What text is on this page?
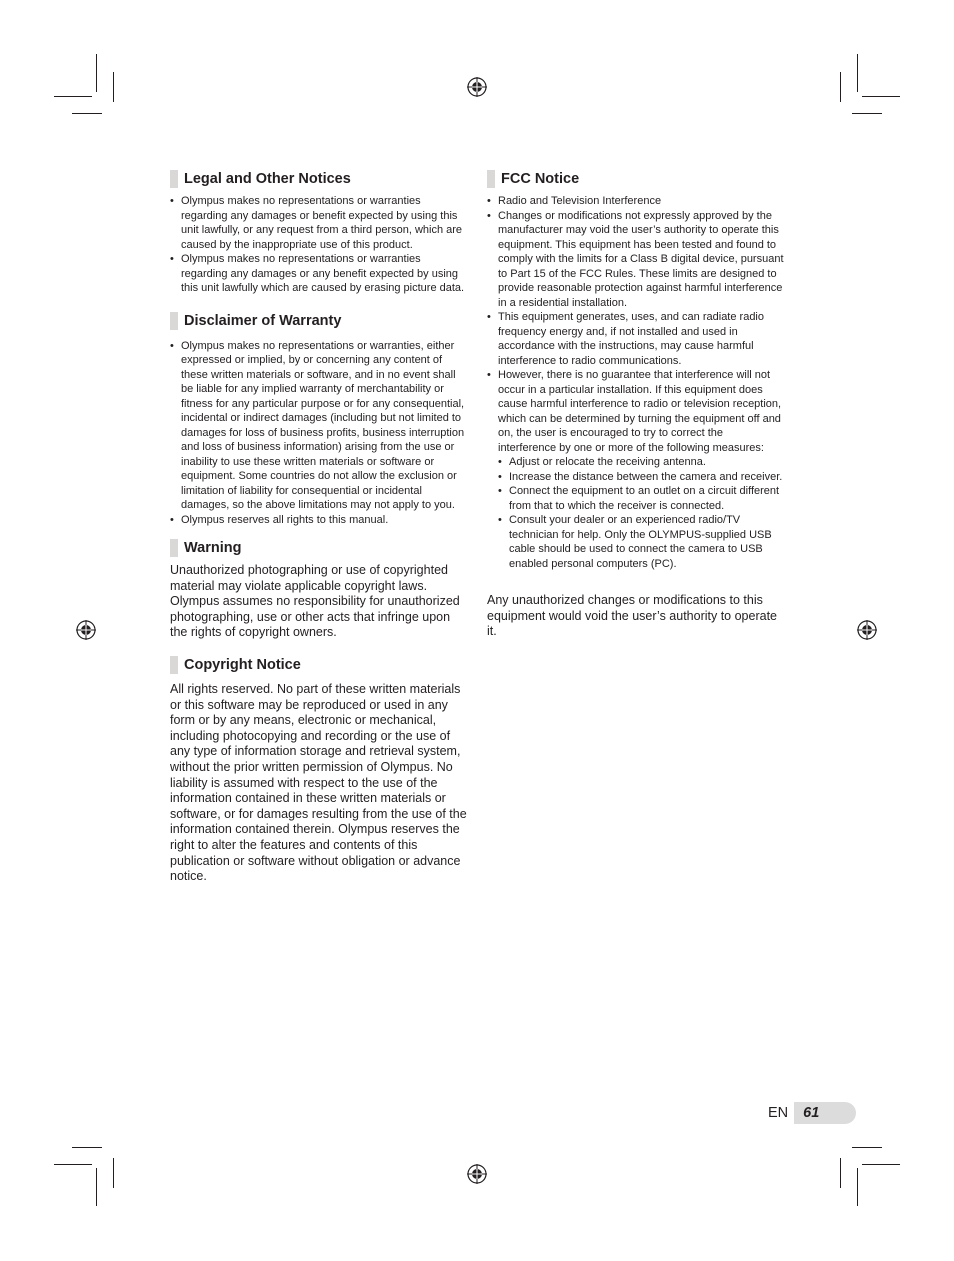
Legal and Other Notices
• Olympus makes no representations or warranties regarding any damages or benefit expected by using this unit lawfully, or any request from a third person, which are caused by the inappropriate use of this product.
• Olympus makes no representations or warranties regarding any damages or any benefit expected by using this unit lawfully which are caused by erasing picture data.
Disclaimer of Warranty
• Olympus makes no representations or warranties, either expressed or implied, by or concerning any content of these written materials or software, and in no event shall be liable for any implied warranty of merchantability or fitness for any particular purpose or for any consequential, incidental or indirect damages (including but not limited to damages for loss of business profits, business interruption and loss of business information) arising from the use or inability to use these written materials or software or equipment. Some countries do not allow the exclusion or limitation of liability for consequential or incidental damages, so the above limitations may not apply to you.
• Olympus reserves all rights to this manual.
Warning

Unauthorized photographing or use of copyrighted material may violate applicable copyright laws. Olympus assumes no responsibility for unauthorized photographing, use or other acts that infringe upon the rights of copyright owners.

Copyright Notice

All rights reserved. No part of these written materials or this software may be reproduced or used in any form or by any means, electronic or mechanical, including photocopying and recording or the use of any type of information storage and retrieval system, without the prior written permission of Olympus. No liability is assumed with respect to the use of the information contained in these written materials or software, or for damages resulting from the use of the information contained therein. Olympus reserves the right to alter the features and contents of this publication or software without obligation or advance notice.

FCC Notice
• Radio and Television Interference
• Changes or modifications not expressly approved by the manufacturer may void the user’s authority to operate this equipment. This equipment has been tested and found to comply with the limits for a Class B digital device, pursuant to Part 15 of the FCC Rules. These limits are designed to provide reasonable protection against harmful interference in a residential installation.
• This equipment generates, uses, and can radiate radio frequency energy and, if not installed and used in accordance with the instructions, may cause harmful interference to radio communications.
• However, there is no guarantee that interference will not occur in a particular installation. If this equipment does cause harmful interference to radio or television reception, which can be determined by turning the equipment off and on, the user is encouraged to try to correct the interference by one or more of the following measures:
• Adjust or relocate the receiving antenna.
• Increase the distance between the camera and receiver.
• Connect the equipment to an outlet on a circuit different from that to which the receiver is connected.
• Consult your dealer or an experienced radio/TV technician for help. Only the OLYMPUS-supplied USB cable should be used to connect the camera to USB enabled personal computers (PC).

Any unauthorized changes or modifications to this equipment would void the user’s authority to operate it.

EN	61
